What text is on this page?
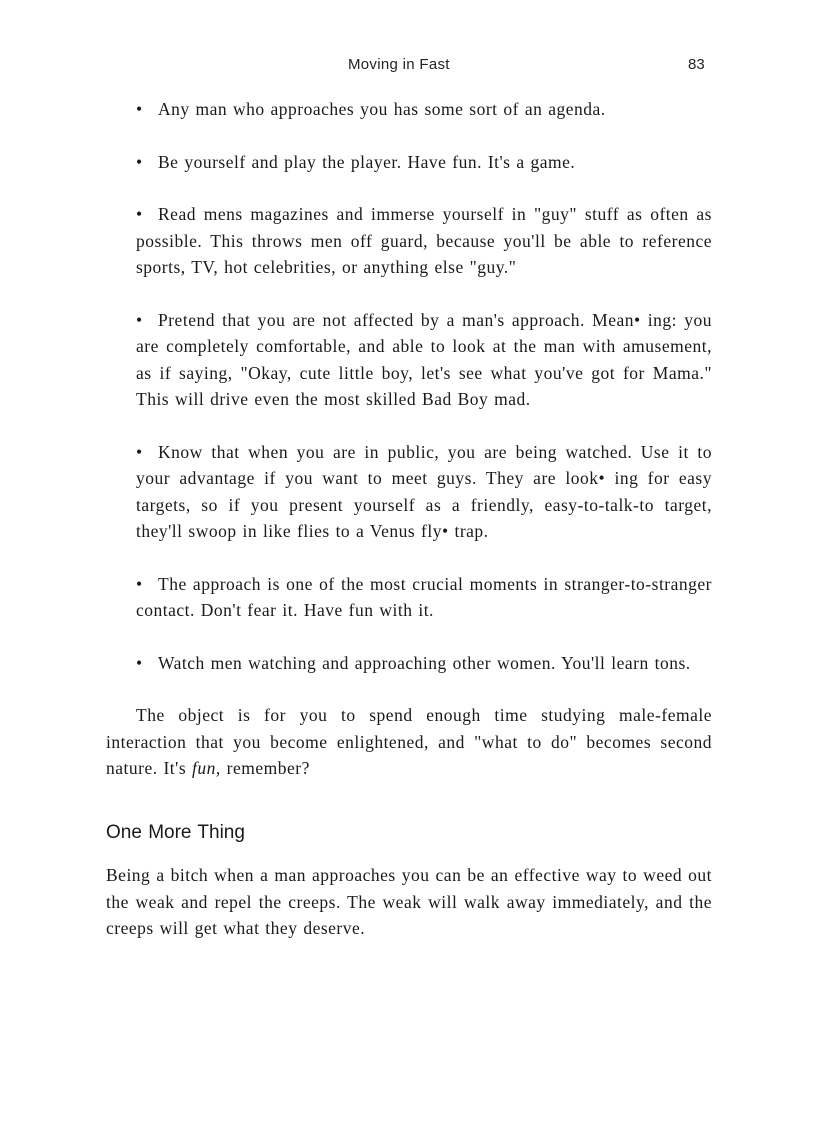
Moving in Fast	83

• Any man who approaches you has some sort of an agenda.

• Be yourself and play the player. Have fun. It's a game.

• Read mens magazines and immerse yourself in "guy" stuff as often as possible. This throws men off guard, because you'll be able to reference sports, TV, hot celebrities, or anything else "guy."

• Pretend that you are not affected by a man's approach. Mean• ing: you are completely comfortable, and able to look at the man with amusement, as if saying, "Okay, cute little boy, let's see what you've got for Mama." This will drive even the most skilled Bad Boy mad.

• Know that when you are in public, you are being watched. Use it to your advantage if you want to meet guys. They are look• ing for easy targets, so if you present yourself as a friendly, easy-to-talk-to target, they'll swoop in like flies to a Venus fly• trap.

• The approach is one of the most crucial moments in stranger-to-stranger contact. Don't fear it. Have fun with it.

• Watch men watching and approaching other women. You'll learn tons.

The object is for you to spend enough time studying male-female interaction that you become enlightened, and "what to do" becomes second nature. It's fun, remember?

One More Thing

Being a bitch when a man approaches you can be an effective way to weed out the weak and repel the creeps. The weak will walk away immediately, and the creeps will get what they deserve.
